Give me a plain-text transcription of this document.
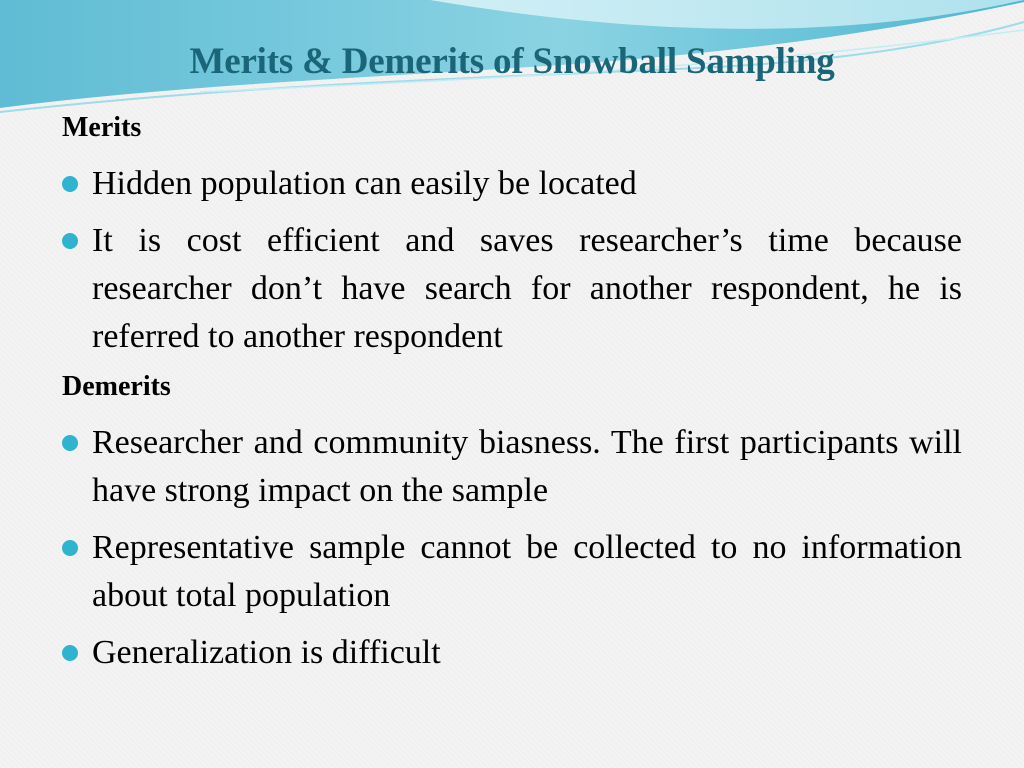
Merits & Demerits of Snowball Sampling
Merits
Hidden population can easily be located
It is cost efficient and saves researcher’s time because researcher don’t have search for another respondent, he is referred to another respondent
Demerits
Researcher and community biasness. The first participants will have strong impact on the sample
Representative sample cannot be collected to no information about total population
Generalization is difficult
